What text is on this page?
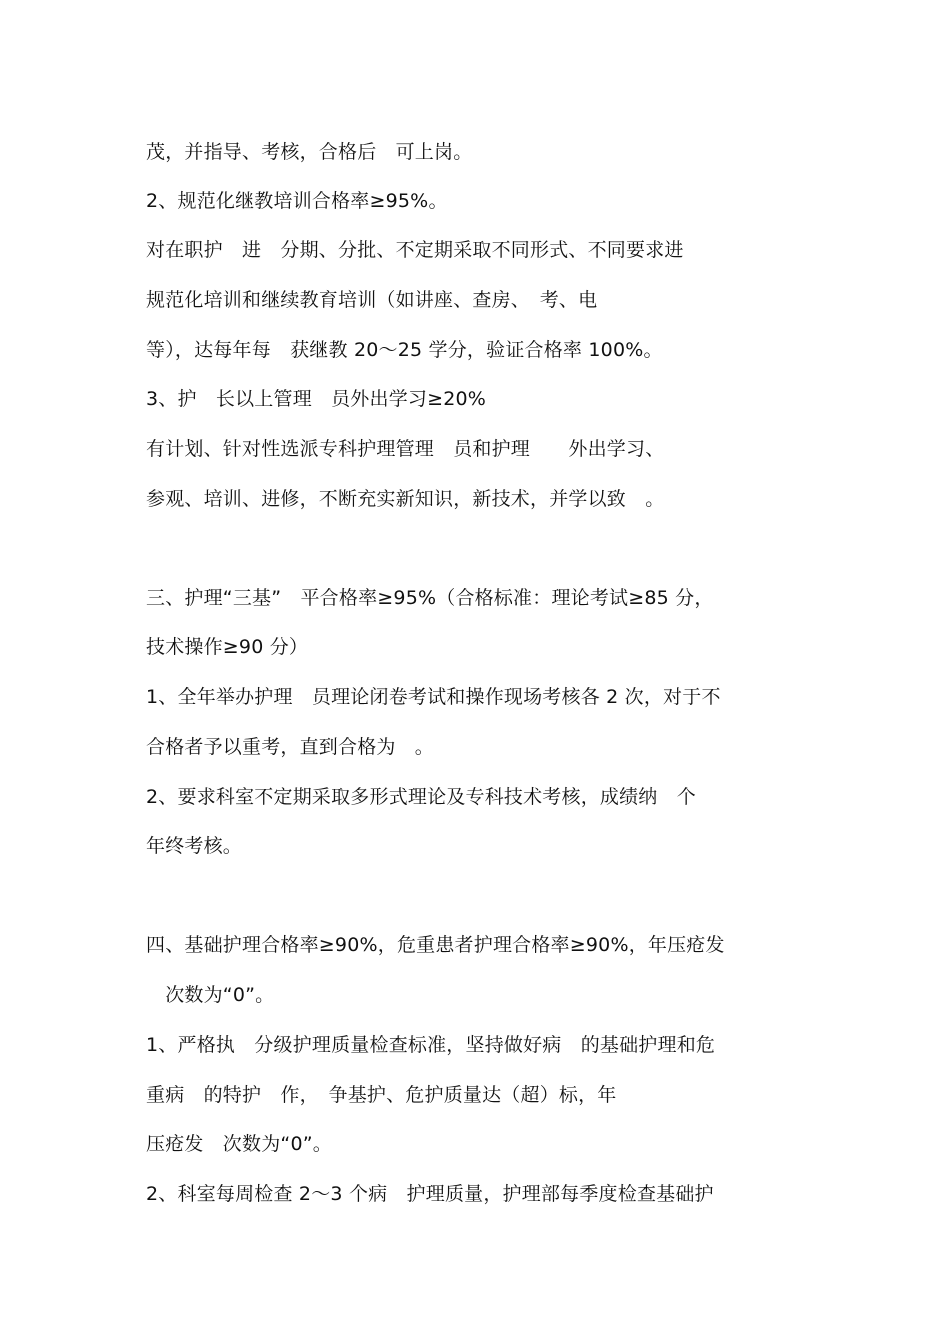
茂，并指导、考核，合格后　可上岗。
2、规范化继教培训合格率≥95%。
对在职护　进　分期、分批、不定期采取不同形式、不同要求进
规范化培训和继续教育培训（如讲座、查房、　考、电
等），达每年每　获继教 20～25 学分，验证合格率 100%。
3、护　长以上管理　员外出学习≥20%
有计划、针对性选派专科护理管理　员和护理　　外出学习、
参观、培训、进修，不断充实新知识，新技术，并学以致　。
三、护理“三基”　平合格率≥95%（合格标准：理论考试≥85 分，
技术操作≥90 分）
1、全年举办护理　员理论闭卷考试和操作现场考核各 2 次，对于不
合格者予以重考，直到合格为　。
2、要求科室不定期采取多形式理论及专科技术考核，成绩纳　个
年终考核。
四、基础护理合格率≥90%，危重患者护理合格率≥90%，年压疮发
　次数为“0”。
1、严格执　分级护理质量检查标准，坚持做好病　的基础护理和危
重病　的特护　作，　争基护、危护质量达（超）标，年
压疮发　次数为“0”。
2、科室每周检查 2～3 个病　护理质量，护理部每季度检查基础护
